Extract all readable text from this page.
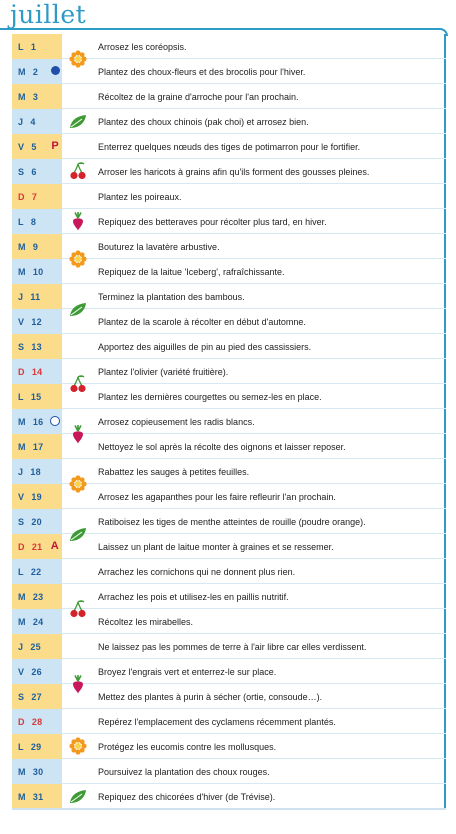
juillet
L 1	Arrosez les coréopsis.
M 2	Plantez des choux-fleurs et des brocolis pour l'hiver.
M 3	Récoltez de la graine d'arroche pour l'an prochain.
J 4	Plantez des choux chinois (pak choi) et arrosez bien.
V 5 P	Enterrez quelques nœuds des tiges de potimarron pour le fortifier.
S 6	Arroser les haricots à grains afin qu'ils forment des gousses pleines.
D 7	Plantez les poireaux.
L 8	Repiquez des betteraves pour récolter plus tard, en hiver.
M 9	Bouturez la lavatère arbustive.
M 10	Repiquez de la laitue 'Iceberg', rafraîchissante.
J 11	Terminez la plantation des bambous.
V 12	Plantez de la scarole à récolter en début d'automne.
S 13	Apportez des aiguilles de pin au pied des cassissiers.
D 14	Plantez l'olivier (variété fruitière).
L 15	Plantez les dernières courgettes ou semez-les en place.
M 16	Arrosez copieusement les radis blancs.
M 17	Nettoyez le sol après la récolte des oignons et laisser reposer.
J 18	Rabattez les sauges à petites feuilles.
V 19	Arrosez les agapanthes pour les faire refleurir l'an prochain.
S 20	Ratiboisez les tiges de menthe atteintes de rouille (poudre orange).
D 21 A	Laissez un plant de laitue monter à graines et se ressemer.
L 22	Arrachez les cornichons qui ne donnent plus rien.
M 23	Arrachez les pois et utilisez-les en paillis nutritif.
M 24	Récoltez les mirabelles.
J 25	Ne laissez pas les pommes de terre à l'air libre car elles verdissent.
V 26	Broyez l'engrais vert et enterrez-le sur place.
S 27	Mettez des plantes à purin à sécher (ortie, consoude…).
D 28	Repérez l'emplacement des cyclamens récemment plantés.
L 29	Protégez les eucomis contre les mollusques.
M 30	Poursuivez la plantation des choux rouges.
M 31	Repiquez des chicorées d'hiver (de Trévise).
